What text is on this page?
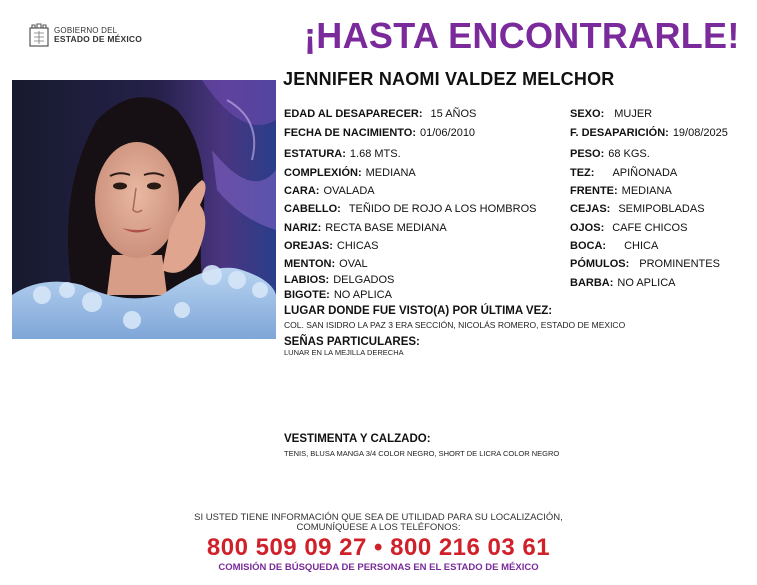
GOBIERNO DEL
ESTADO DE MÉXICO	¡HASTA ENCONTRARLE!
JENNIFER NAOMI VALDEZ MELCHOR
EDAD AL DESAPARECER: 15 AÑOS
FECHA DE NACIMIENTO: 01/06/2010
ESTATURA: 1.68 MTS.
COMPLEXIÓN: MEDIANA
CARA: OVALADA
CABELLO: TEÑIDO DE ROJO A LOS HOMBROS
NARIZ: RECTA BASE MEDIANA
OREJAS: CHICAS
MENTON: OVAL
LABIOS: DELGADOS
BIGOTE: NO APLICA
SEXO: MUJER
F. DESAPARICIÓN: 19/08/2025
PESO: 68 KGS.
TEZ: APIÑONADA
FRENTE: MEDIANA
CEJAS: SEMIPOBLADAS
OJOS: CAFE CHICOS
BOCA: CHICA
PÓMULOS: PROMINENTES
BARBA: NO APLICA
LUGAR DONDE FUE VISTO(A) POR ÚLTIMA VEZ:
COL. SAN ISIDRO LA PAZ 3 ERA SECCIÓN, NICOLÁS ROMERO, ESTADO DE MEXICO
SEÑAS PARTICULARES:
LUNAR EN LA MEJILLA DERECHA
VESTIMENTA Y CALZADO:
TENIS, BLUSA MANGA 3/4 COLOR NEGRO, SHORT DE LICRA COLOR NEGRO
SI USTED TIENE INFORMACIÓN QUE SEA DE UTILIDAD PARA SU LOCALIZACIÓN,
COMUNÍQUESE A LOS TELÉFONOS:
800 509 09 27 • 800 216 03 61
COMISIÓN DE BÚSQUEDA DE PERSONAS EN EL ESTADO DE MÉXICO
